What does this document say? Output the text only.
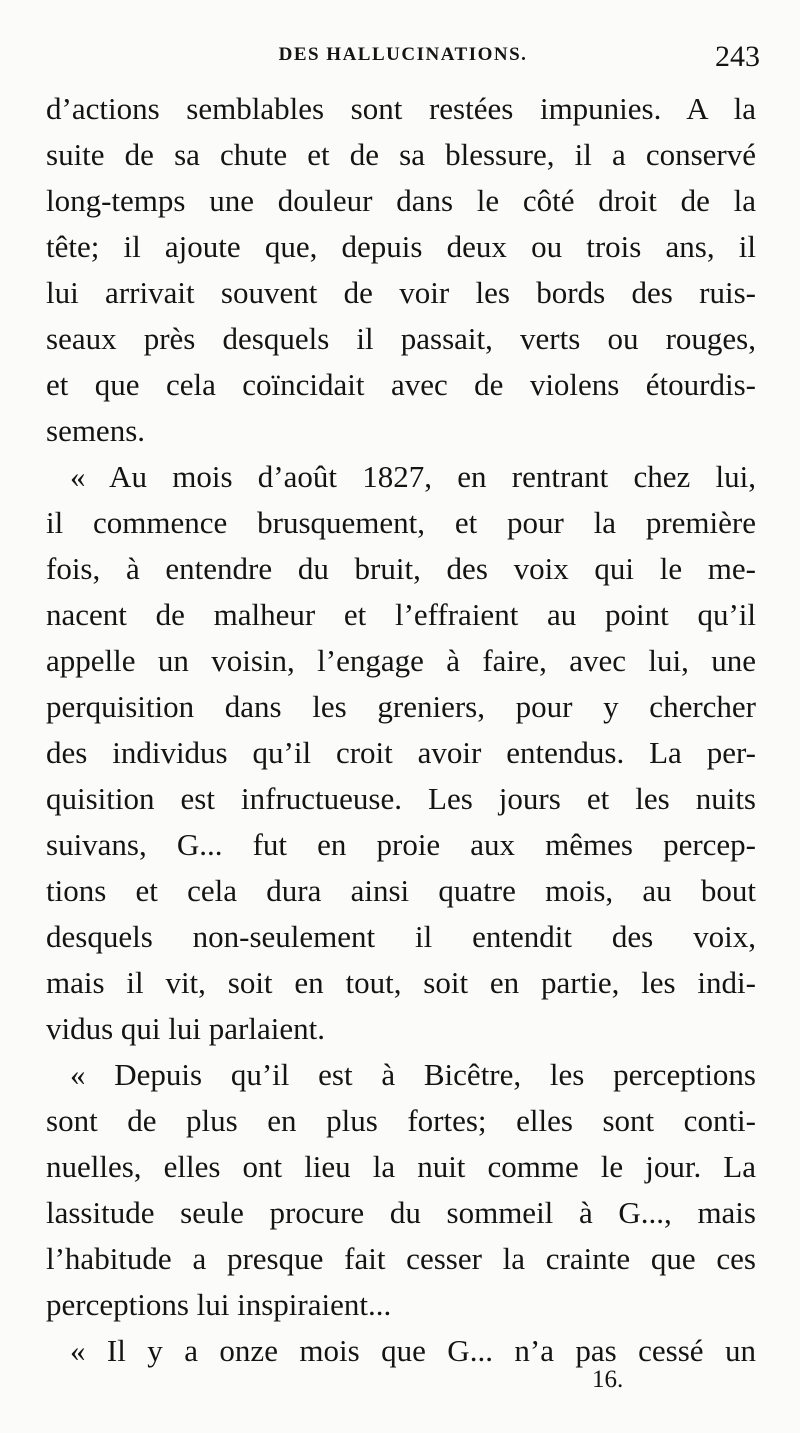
DES HALLUCINATIONS.	243
d’actions semblables sont restées impunies. A la
suite de sa chute et de sa blessure, il a conservé
long-temps une douleur dans le côté droit de la
tête; il ajoute que, depuis deux ou trois ans, il
lui arrivait souvent de voir les bords des ruis-
seaux près desquels il passait, verts ou rouges,
et que cela coïncidait avec de violens étourdis-
semens.
« Au mois d’août 1827, en rentrant chez lui,
il commence brusquement, et pour la première
fois, à entendre du bruit, des voix qui le me-
nacent de malheur et l’effraient au point qu’il
appelle un voisin, l’engage à faire, avec lui, une
perquisition dans les greniers, pour y chercher
des individus qu’il croit avoir entendus. La per-
quisition est infructueuse. Les jours et les nuits
suivans, G... fut en proie aux mêmes percep-
tions et cela dura ainsi quatre mois, au bout
desquels non-seulement il entendit des voix,
mais il vit, soit en tout, soit en partie, les indi-
vidus qui lui parlaient.
« Depuis qu’il est à Bicêtre, les perceptions
sont de plus en plus fortes; elles sont conti-
nuelles, elles ont lieu la nuit comme le jour. La
lassitude seule procure du sommeil à G..., mais
l’habitude a presque fait cesser la crainte que ces
perceptions lui inspiraient...
« Il y a onze mois que G... n’a pas cessé un
16.
